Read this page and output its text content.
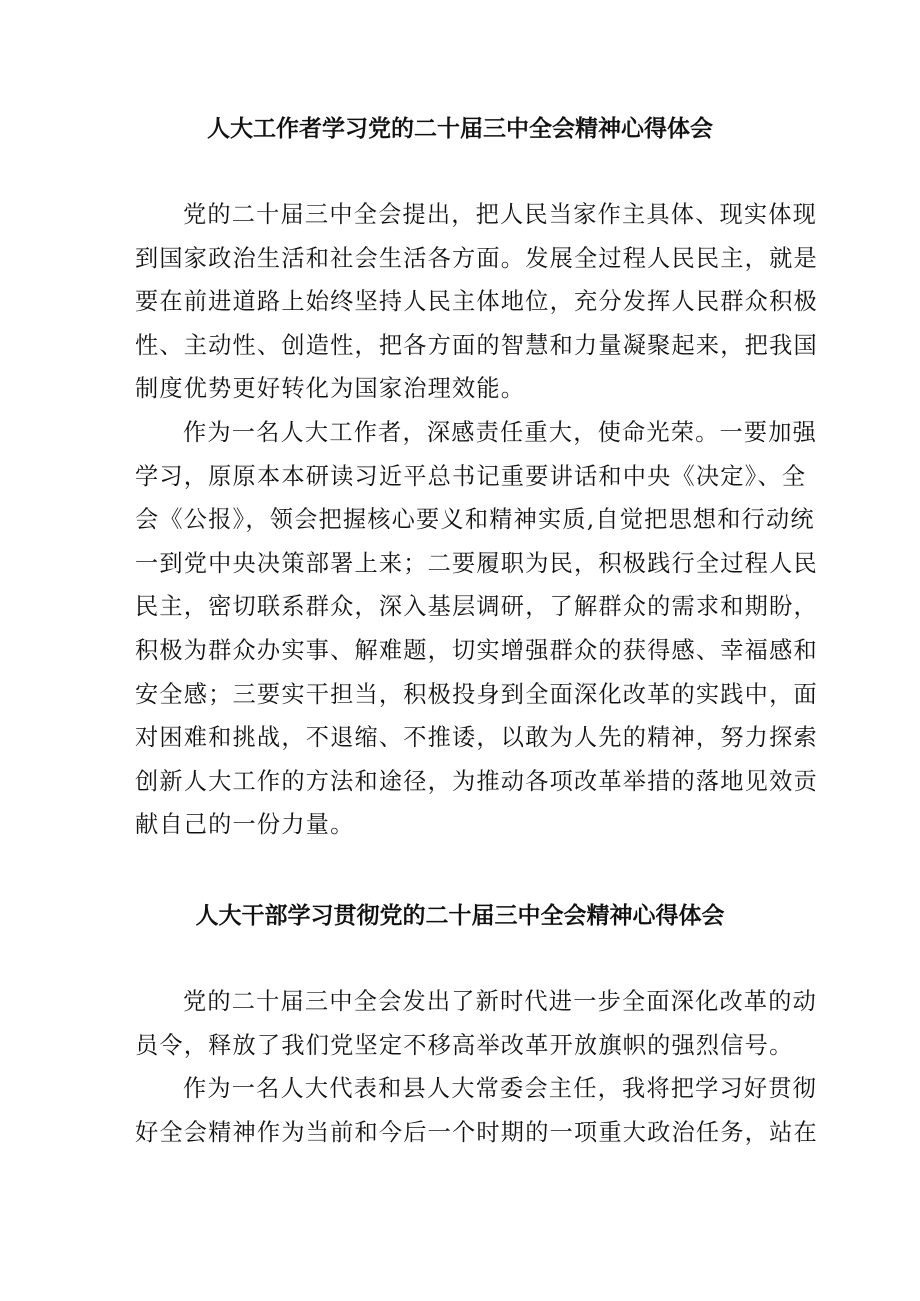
人大工作者学习党的二十届三中全会精神心得体会
党的二十届三中全会提出，把人民当家作主具体、现实体现
到国家政治生活和社会生活各方面。发展全过程人民民主，就是
要在前进道路上始终坚持人民主体地位，充分发挥人民群众积极
性、主动性、创造性，把各方面的智慧和力量凝聚起来，把我国
制度优势更好转化为国家治理效能。
作为一名人大工作者，深感责任重大，使命光荣。一要加强
学习，原原本本研读习近平总书记重要讲话和中央《决定》、全
会《公报》，领会把握核心要义和精神实质,自觉把思想和行动统
一到党中央决策部署上来；二要履职为民，积极践行全过程人民
民主，密切联系群众，深入基层调研，了解群众的需求和期盼，
积极为群众办实事、解难题，切实增强群众的获得感、幸福感和
安全感；三要实干担当，积极投身到全面深化改革的实践中，面
对困难和挑战，不退缩、不推诿，以敢为人先的精神，努力探索
创新人大工作的方法和途径，为推动各项改革举措的落地见效贡
献自己的一份力量。
人大干部学习贯彻党的二十届三中全会精神心得体会
党的二十届三中全会发出了新时代进一步全面深化改革的动
员令，释放了我们党坚定不移高举改革开放旗帜的强烈信号。
作为一名人大代表和县人大常委会主任，我将把学习好贯彻
好全会精神作为当前和今后一个时期的一项重大政治任务，站在
